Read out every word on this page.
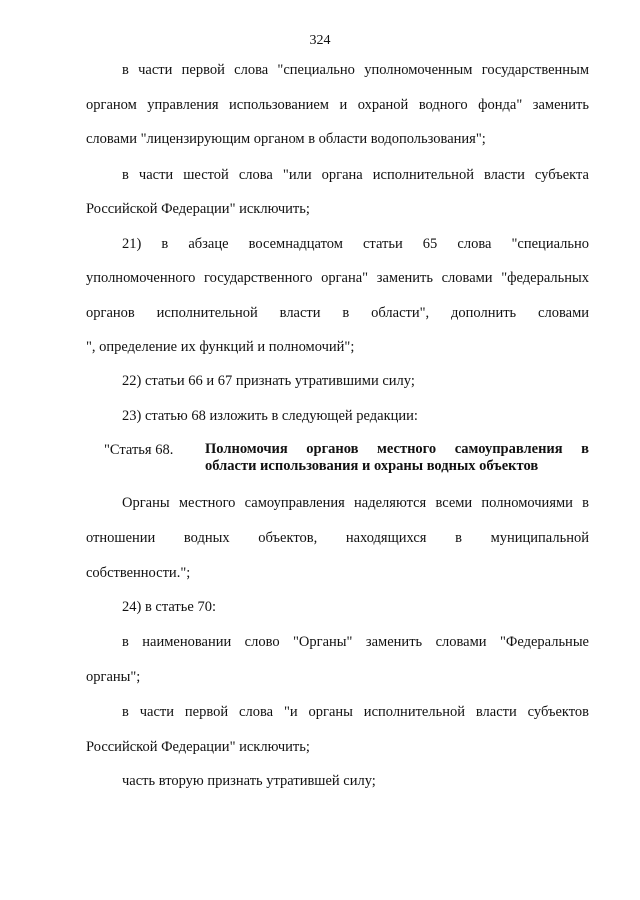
324
в части первой слова "специально уполномоченным государственным
органом управления использованием и охраной водного фонда" заменить
словами "лицензирующим органом в области водопользования";
в части шестой слова "или органа исполнительной власти субъекта
Российской Федерации" исключить;
21) в абзаце восемнадцатом статьи 65 слова "специально
уполномоченного государственного органа" заменить словами "федеральных
органов исполнительной власти в области", дополнить словами
", определение их функций и полномочий";
22) статьи 66 и 67 признать утратившими силу;
23) статью 68 изложить в следующей редакции:
"Статья 68. Полномочия органов местного самоуправления в
области использования и охраны водных объектов
Органы местного самоуправления наделяются всеми полномочиями в
отношении водных объектов, находящихся в муниципальной
собственности.";
24) в статье 70:
в наименовании слово "Органы" заменить словами "Федеральные
органы";
в части первой слова "и органы исполнительной власти субъектов
Российской Федерации" исключить;
часть вторую признать утратившей силу;
